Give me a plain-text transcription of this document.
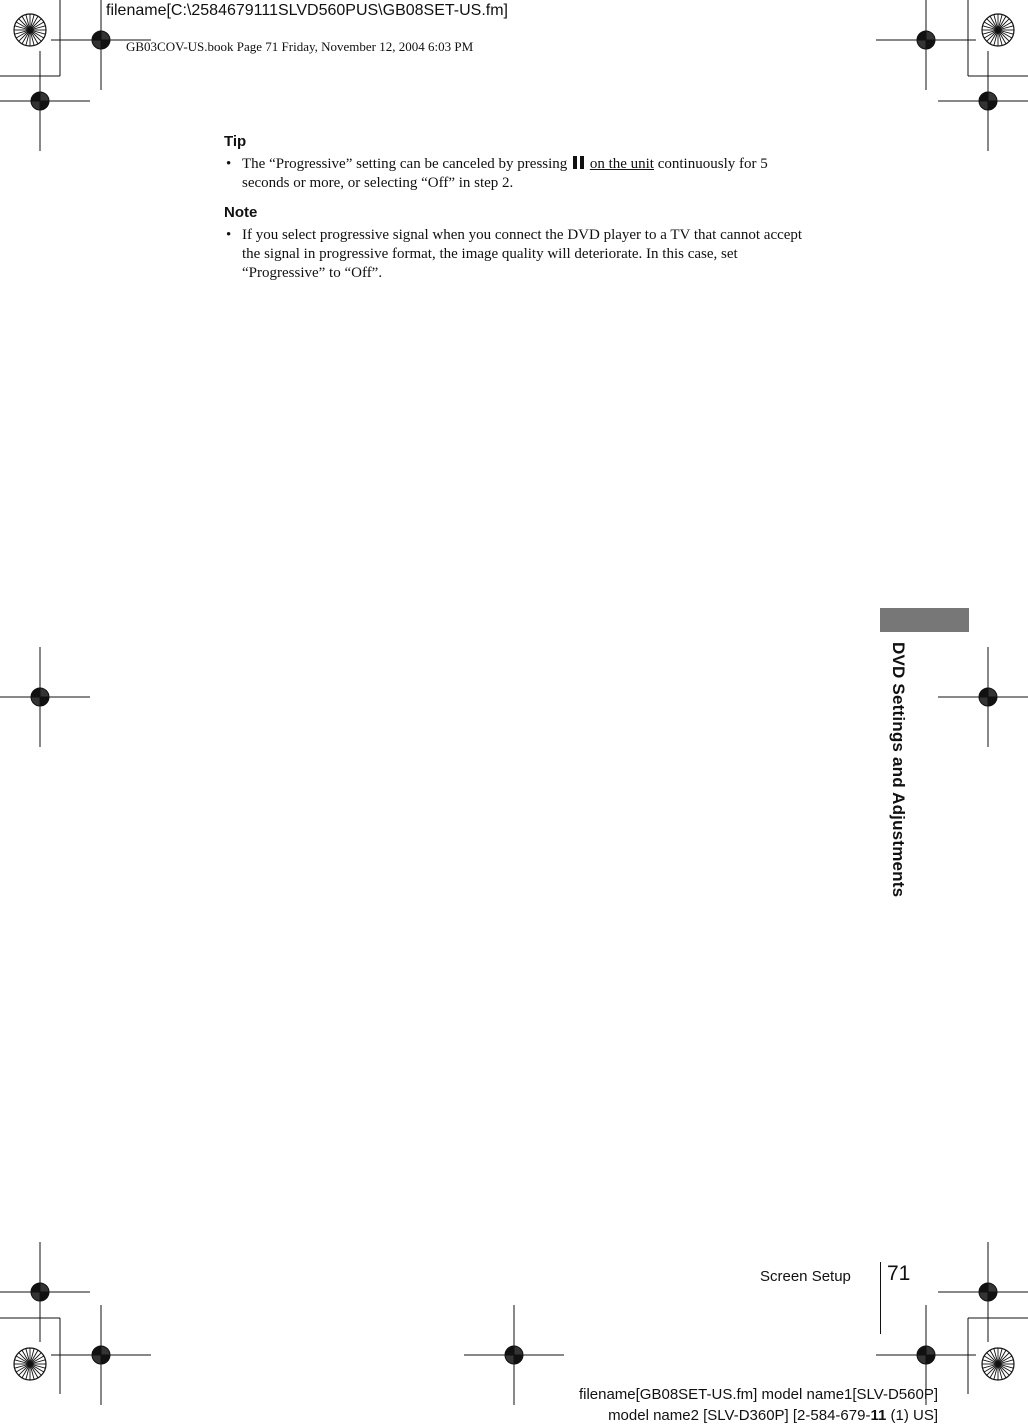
filename[C:\2584679111SLVD560PUS\GB08SET-US.fm]
GB03COV-US.book Page 71 Friday, November 12, 2004 6:03 PM
Tip
• The “Progressive” setting can be canceled by pressing on the unit continuously for 5
seconds or more, or selecting “Off” in step 2.
Note
• If you select progressive signal when you connect the DVD player to a TV that cannot accept
the signal in progressive format, the image quality will deteriorate. In this case, set
“Progressive” to “Off”.
DVD Settings and Adjustments
Screen Setup 71
filename[GB08SET-US.fm] model name1[SLV-D560P]
model name2 [SLV-D360P] [2-584-679-11 (1) US]
